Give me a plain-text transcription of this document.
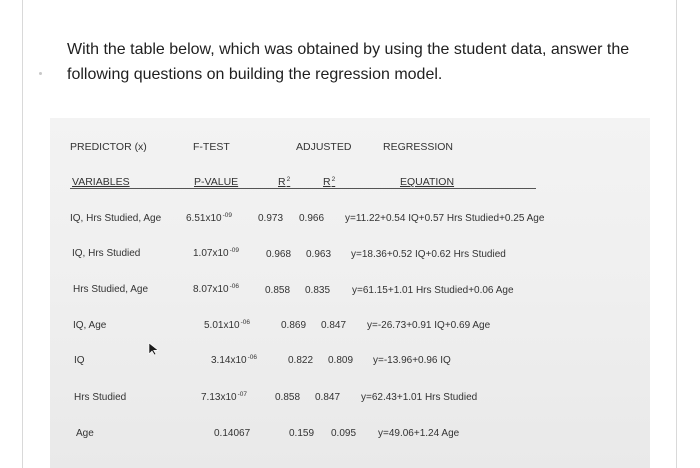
With the table below, which was obtained by using the student data, answer the following questions on building the regression model.
PREDICTOR (x)	F-TEST	ADJUSTED	REGRESSION
VARIABLES	P-VALUE	$R^2$	$R^2$	EQUATION
IQ, Hrs Studied, Age $6.51x10^{-09}$	0.973 0.966 y=11.22+0.54 IQ+0.57 Hrs Studied+0.25 Age
IQ, Hrs Studied	$1.07x10^{-09}$	0.968 0.963 y=18.36+0.52 IQ+0.62 Hrs Studied
Hrs Studied, Age	$8.07x10^{-06}$	0.858 0.835 y=61.15+1.01 Hrs Studied+0.06 Age
IQ, Age	$5.01x10^{-06}$	0.869 0.847 y=-26.73+0.91 IQ+0.69 Age
IQ	$3.14x10^{-06}$	0.822 0.809 y=-13.96+0.96 IQ
Hrs Studied	$7.13x10^{-07}$	0.858 0.847 y=62.43+1.01 Hrs Studied
Age	0.14067	0.159 0.095 y=49.06+1.24 Age
